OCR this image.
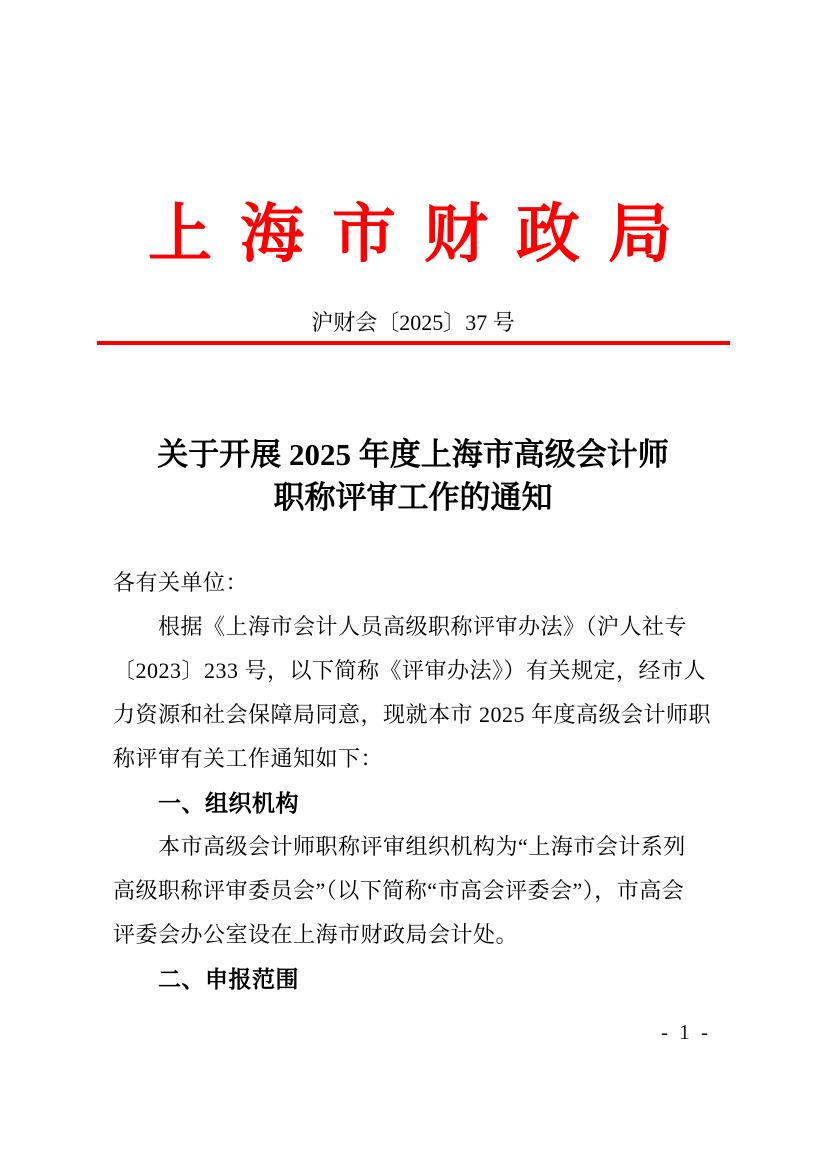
上 海 市 财 政 局
沪财会〔2025〕37 号
关于开展 2025 年度上海市高级会计师
职称评审工作的通知
各有关单位：
根据《上海市会计人员高级职称评审办法》（沪人社专
〔2023〕233 号，以下简称《评审办法》）有关规定，经市人
力资源和社会保障局同意，现就本市 2025 年度高级会计师职
称评审有关工作通知如下：
一、组织机构
本市高级会计师职称评审组织机构为“上海市会计系列
高级职称评审委员会”（以下简称“市高会评委会”），市高会
评委会办公室设在上海市财政局会计处。
二、申报范围
- 1 -
